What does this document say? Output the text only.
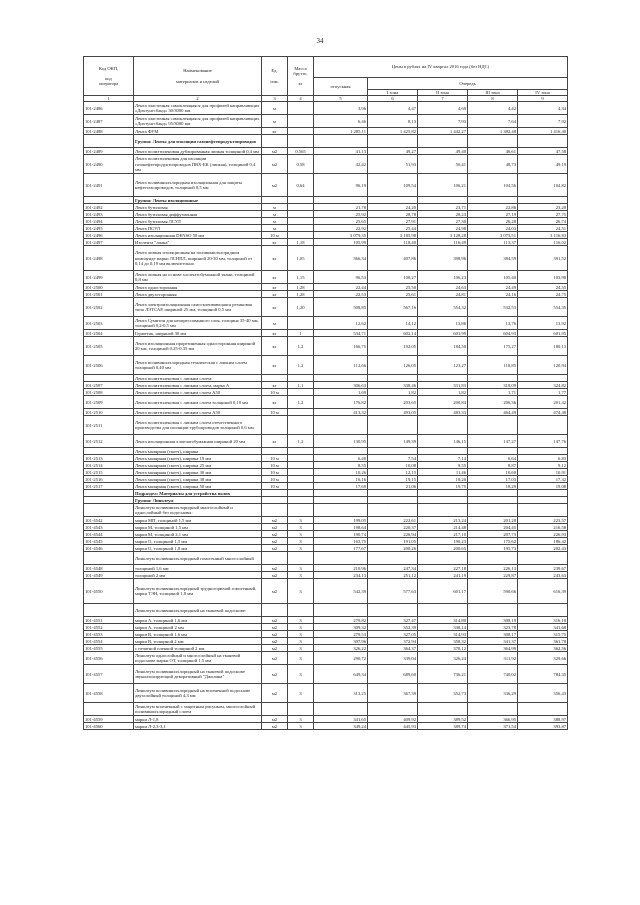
34
Код ОКП,

код
оператора	Наименование

материалов и изделий	Ед.

изм.	Масса
брутто,

кг	Цены в рублях на IV квартал 2016 года (без НДС)				
				отпускная	Очередь			
					I зона	II зона	III зона	IV зона
1	2	3	4	5	6	7	8	9
101-2486	Лента эластичная самоклеящаяся для профилей направляющих «Дихтунгсбанд» 30/3000 мм	м		3,96	4,47	4,69	4,42	4,34
101-2487	Лента эластичная самоклеящаяся для профилей направляющих «Дихтунгсбанд» 95/3000 мм	м		6,46	8,13	7,93	7,64	7,92
101-2488	Лента ФУМ	кг		1 285,11	1 425,82	1 442,27	1 382,48	1 416,40
	Группа: Ленты для изоляции газонефтепродуктопроводов							
101-2489	Лента полиэтиленовая дублированная липкая толщиной 0,4 мм	м2	0,565	41,13	49,27	49,40	46,61	47,58
101-2490	Лента полиэтиленовая для изоляции газонефтепродуктопроводов ПВХ-БК (липкая), толщиной 0,4 мм	м2	0,58	42,42	51,93	50,41	48,73	49,19
101-2491	Лента поливинилхлоридная изоляционная для защиты нефтегазопроводов, толщиной 0,5 мм	м2	0,64	96,19	109,54	106,21	104,56	104,82
	Группа: Ленты изоляционные							
101-2492	Лента бутиловая	м		21,78	24,20	23,71	22,86	23,20
101-2493	Лента бутиловая диффузионная	м		25,92	28,78	28,23	27,19	27,75
101-2494	Лента бутиловая ЛСУЛ	м		25,65	27,91	27,30	26,28	26,74
101-2495	Лента ПСУЛ	м		22,92	25,44	24,98	24,03	24,51
101-2496	Лента изоляционная DENSO 50 мм	10 м		3 079,35	3 185,98	3 128,28	3 075,51	3 116,83
101-2497	Изолента "лиана"	кг	1,18	105,99	118,40	116,49	113,37	116,02
101-2498	Лента липкая изоляционная на поливинилхлоридном компаунде марки ЛСНПЛ, шириной 20-30 мм, толщиной от 0,14 до 0,19 мм включительно	кг	1,05	366,34	407,86	398,96	384,59	391,52
101-2499	Лента липкая на основе хлопчатобумажной ткани, толщиной 0,8 мм	кг	1,15	96,53	108,27	106,23	105,40	103,90
101-2500	Лента односторонняя	кг	1,28	22,44	25,50	24,63	24,49	24,55
101-2501	Лента двухсторонняя	кг	1,28	22,53	25,61	24,81	24,16	24,75
101-2502	Лента электроизоляционная самосклеивающаяся резиновая типа ЛЭТСАР, шириной 25 мм, толщиной 0,5 мм	кг	1,20	508,85	567,16	554,32	532,53	554,35
101-2503	Лента Сумитон для неопрессованного слоя, толщина 35-40 мм, толщиной 0,2-0,5 мм	м		12,62	14,12	13,86	13,76	13,92
101-2504	Герметик, шириной 30 мм	кг	1	534,71	602,14	601,99	604,93	601,95
101-2505	Лента изоляционная прорезиненная односторонняя шириной 20 мм, толщиной 0,25-0,35 мм	кг	1,2	166,75	192,05	184,50	175,27	180,13
101-2506	Лента поливинилхлоридная техническая с липким слоем толщиной 0,40 мм	кг	1,2	112,66	126,05	123,27	118,85	120,94
	Лента полиэтиленовая с липким слоем:							
101-2507	Лента полиэтиленовая с липким слоем, марка А	кг	1,1	306,63	338,46	331,83	318,09	324,82
101-2508	Лента полиэтиленовая с липким слоем А50	10 м		1,69	1,82	1,82	1,71	1,77
101-2509	Лента полиэтиленовая с липким слоем толщиной 0,10 мм	кг	1,2	176,82	203,65	200,84	206,36	201,42
101-2510	Лента полиэтиленовая с липким слоем А50	10 м		413,32	493,05	483,33	464,49	474,48
101-2511	Лента полиэтиленовая с липким слоем отечественного производства для изоляции трубопроводов толщиной 0,6 мм							
101-2512	Лента изоляционная хлопчатобумажная шириной 20 мм	кг	1,2	130,95	149,39	146,15	147,27	147,76
	Лента малярная (скотч), ширина							
101-2513	Лента малярная (скотч), ширина 19 мм	10 м		6,40	7,54	7,14	6,64	6,83
101-2514	Лента малярная (скотч), ширина 25 мм	10 м		8,55	10,08	9,55	8,87	9,12
101-2515	Лента малярная (скотч), ширина 30 мм	10 м		10,26	12,15	11,46	10,60	10,91
101-2516	Лента малярная (скотч), ширина 38 мм	10 м		16,16	19,15	18,20	17,03	17,32
101-2517	Лента малярная (скотч), ширина 50 мм	10 м		17,69	21,06	19,75	18,29	19,08
	Подраздел: Материалы для устройства полов							
	Группа: Линолеум							
	Линолеум поливинилхлоридный многослойный и однослойный без подосновы:							
101-4542	марки МП, толщиной 1,5 мм	м2	3	199,05	222,61	213,24	201,28	223,57
101-4543	марки М, толщиной 1,5 мм	м2	3	198,64	220,37	214,48	204,45	216,58
101-4544	марки М, толщиной 2,1 мм	м2	3	190,74	226,94	217,10	207,73	226,93
101-4545	марки О, толщиной 1,5 мм	м2	3	163,75	191,05	190,23	175,62	186,42
101-4546	марки О, толщиной 1,8 мм	м2	3	177,67	200,26	200,65	195,73	202,43
	Линолеум поливинилхлоридный гомогенный многослойный							
101-4548	толщиной 1,6 мм	м2	3	210,96	247,34	227,18	226,13	239,67
101-4549	толщиной 2 мм	м2	3	234,13	251,12	241,19	229,87	243,63
101-4550	Линолеум поливинилхлоридный трудногорючий гомогенный, марки ТЭН, толщиной 1,8 мм	м2	3	542,39	577,63	601,17	590,66	616,39
	Линолеум поливинилхлоридный на тканевой подоснове:							
101-4551	марки А, толщиной 1,6 мм	м2	3	279,82	327,47	314,80	308,19	316,18
101-4552	марки А, толщиной 2 мм	м2	3	309,32	352,39	338,14	323,78	341,68
101-4553	марки В, толщиной 1,6 мм	м2	3	279,53	327,05	314,93	308,17	315,75
101-4554	марки В, толщиной 2 мм	м2	3	307,96	372,94	358,32	341,37	361,78
101-4555	с печатной пленкой толщиной 2 мм	м2	3	326,22	364,37	378,12	364,99	362,56
101-4556	Линолеум однослойный и многослойный на тканевой подоснове марки ОТ, толщиной 1,5 мм	м2	3	290,72	339,04	326,24	311,92	329,66
101-4557	Линолеум поливинилхлоридный на тканевой подоснове звукоизолирующий декоративный "Джолина"	м2	3	649,34	689,60	736,21	740,02	784,35
101-4558	Линолеум поливинилхлоридный на вспененной подоснове двухслойный толщиной 4,3 мм	м2	3	313,25	367,39	352,73	336,29	356,43
	Линолеум вспененный с защитным рисунком, многослойный поливинилхлоридный слоем							
101-4559	марки Л-1,8	м2	3	341,65	409,92	389,52	366,95	388,97
101-4560	марки Л-2,3-3,1	м2	3	349,24	445,93	389,74	371,54	393,87
